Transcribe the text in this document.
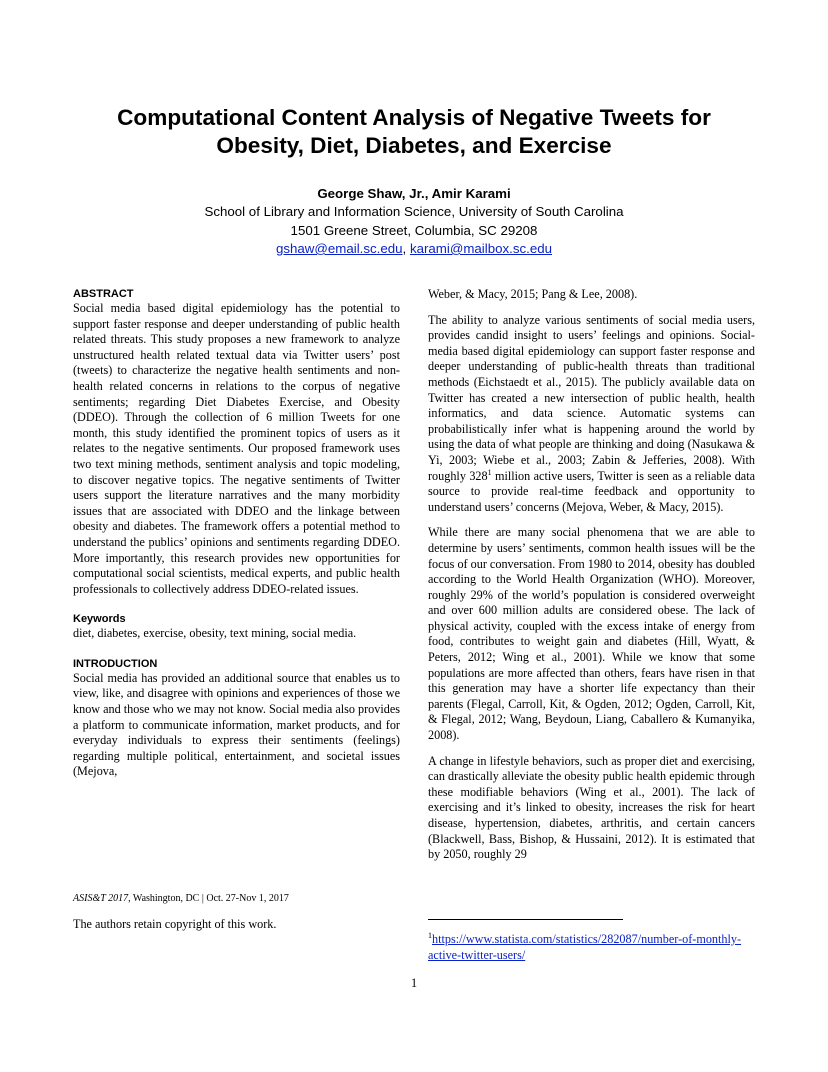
Computational Content Analysis of Negative Tweets for
Obesity, Diet, Diabetes, and Exercise
George Shaw, Jr., Amir Karami
School of Library and Information Science, University of South Carolina
1501 Greene Street, Columbia, SC 29208
gshaw@email.sc.edu, karami@mailbox.sc.edu
ABSTRACT

Social media based digital epidemiology has the potential to support faster response and deeper understanding of public health related threats. This study proposes a new framework to analyze unstructured health related textual data via Twitter users’ post (tweets) to characterize the negative health sentiments and non-health related concerns in relations to the corpus of negative sentiments; regarding Diet Diabetes Exercise, and Obesity (DDEO). Through the collection of 6 million Tweets for one month, this study identified the prominent topics of users as it relates to the negative sentiments. Our proposed framework uses two text mining methods, sentiment analysis and topic modeling, to discover negative topics. The negative sentiments of Twitter users support the literature narratives and the many morbidity issues that are associated with DDEO and the linkage between obesity and diabetes. The framework offers a potential method to understand the publics’ opinions and sentiments regarding DDEO. More importantly, this research provides new opportunities for computational social scientists, medical experts, and public health professionals to collectively address DDEO-related issues.

Keywords

diet, diabetes, exercise, obesity, text mining, social media.

INTRODUCTION

Social media has provided an additional source that enables us to view, like, and disagree with opinions and experiences of those we know and those who we may not know. Social media also provides a platform to communicate information, market products, and for everyday individuals to express their sentiments (feelings) regarding multiple political, entertainment, and societal issues (Mejova,

ASIS&T 2017, Washington, DC | Oct. 27-Nov 1, 2017
The authors retain copyright of this work.

Weber, & Macy, 2015; Pang & Lee, 2008).

The ability to analyze various sentiments of social media users, provides candid insight to users’ feelings and opinions. Social-media based digital epidemiology can support faster response and deeper understanding of public-health threats than traditional methods (Eichstaedt et al., 2015). The publicly available data on Twitter has created a new intersection of public health, health informatics, and data science. Automatic systems can probabilistically infer what is happening around the world by using the data of what people are thinking and doing (Nasukawa & Yi, 2003; Wiebe et al., 2003; Zabin & Jefferies, 2008). With roughly $328^1$ million active users, Twitter is seen as a reliable data source to provide real-time feedback and opportunity to understand users’ concerns (Mejova, Weber, & Macy, 2015).

While there are many social phenomena that we are able to determine by users’ sentiments, common health issues will be the focus of our conversation. From 1980 to 2014, obesity has doubled according to the World Health Organization (WHO). Moreover, roughly 29% of the world’s population is considered overweight and over 600 million adults are considered obese. The lack of physical activity, coupled with the excess intake of energy from food, contributes to weight gain and diabetes (Hill, Wyatt, & Peters, 2012; Wing et al., 2001). While we know that some populations are more affected than others, fears have risen in that this generation may have a shorter life expectancy than their parents (Flegal, Carroll, Kit, & Ogden, 2012; Ogden, Carroll, Kit, & Flegal, 2012; Wang, Beydoun, Liang, Caballero & Kumanyika, 2008).

A change in lifestyle behaviors, such as proper diet and exercising, can drastically alleviate the obesity public health epidemic through these modifiable behaviors (Wing et al., 2001). The lack of exercising and it’s linked to obesity, increases the risk for heart disease, hypertension, diabetes, arthritis, and certain cancers (Blackwell, Bass, Bishop, & Hussaini, 2012). It is estimated that by 2050, roughly 29

$^1$https://www.statista.com/statistics/282087/number-of-monthly-active-twitter-users/
1
